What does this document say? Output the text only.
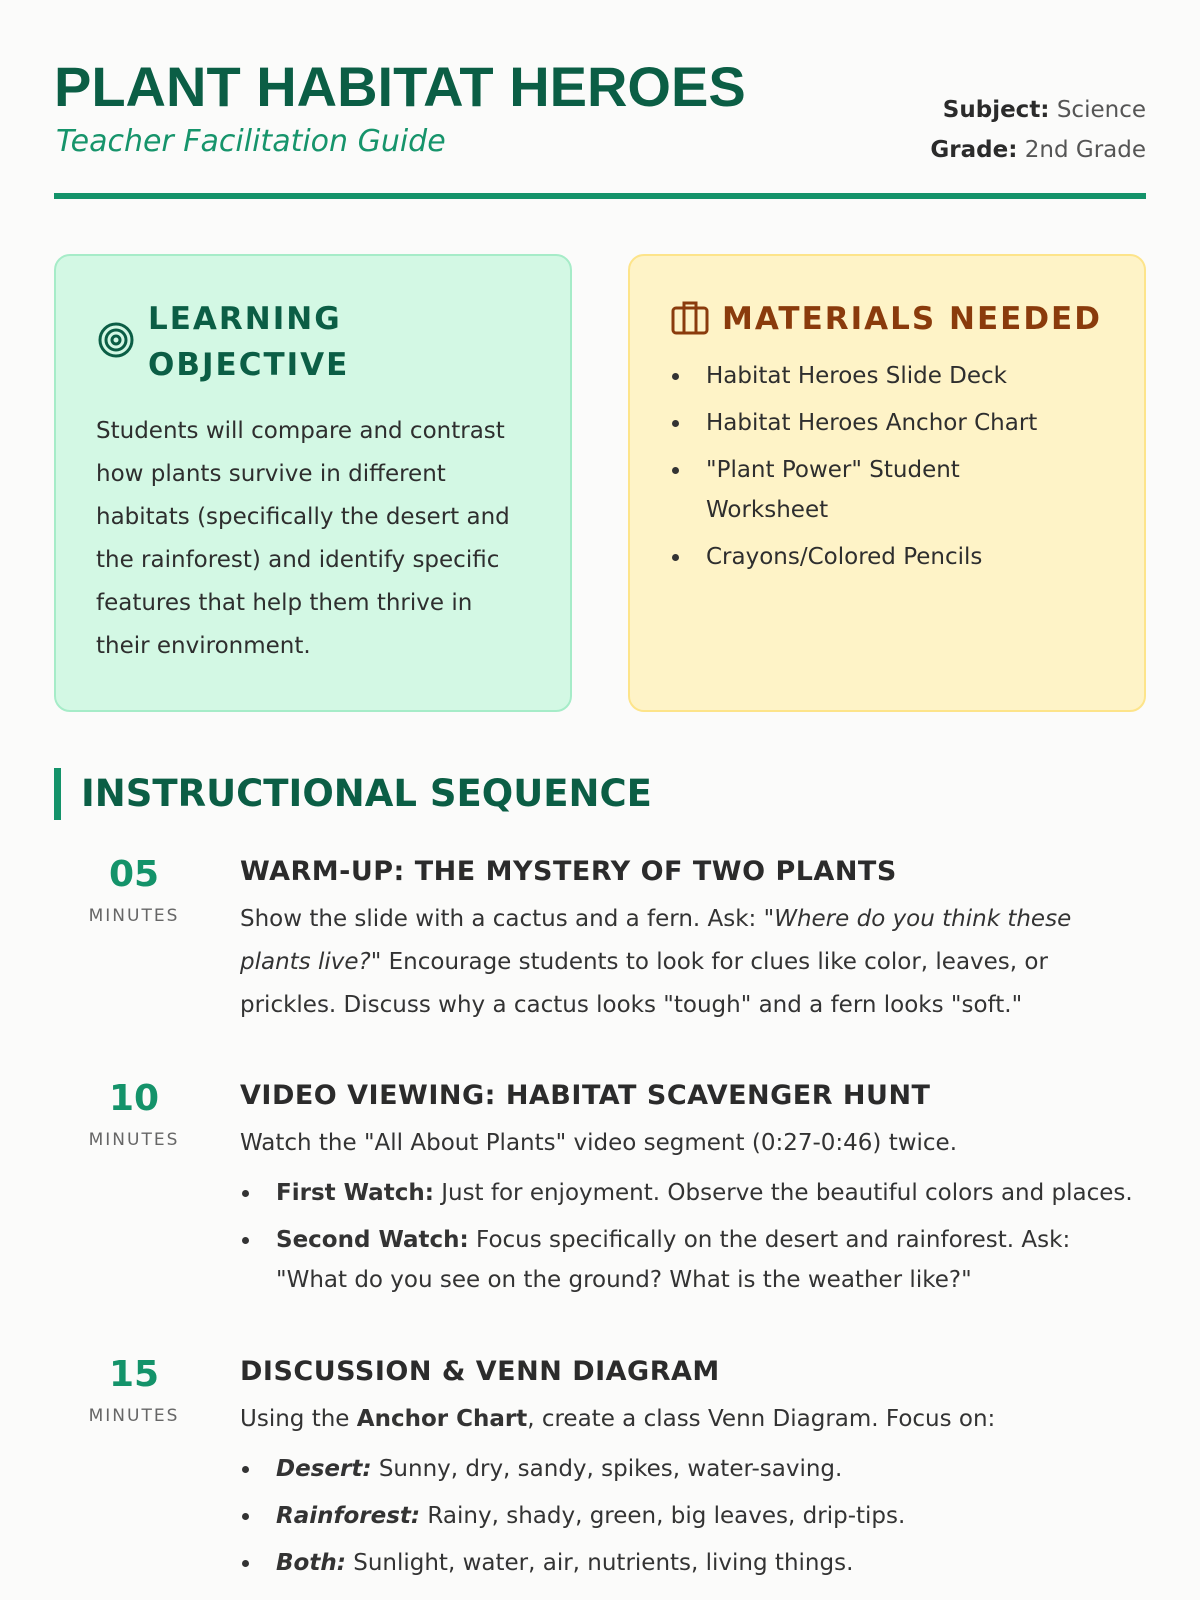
PLANT HABITAT HEROES
Teacher Facilitation Guide
Subject: Science
Grade: 2nd Grade
LEARNING
OBJECTIVE

Students will compare and contrast how plants survive in different habitats (specifically the desert and the rainforest) and identify specific features that help them thrive in their environment.

MATERIALS NEEDED
Habitat Heroes Slide Deck
Habitat Heroes Anchor Chart
"Plant Power" Student Worksheet
Crayons/Colored Pencils
INSTRUCTIONAL SEQUENCE
05
MINUTES
WARM-UP: THE MYSTERY OF TWO PLANTS

Show the slide with a cactus and a fern. Ask: "Where do you think these plants live?" Encourage students to look for clues like color, leaves, or prickles. Discuss why a cactus looks "tough" and a fern looks "soft."

10
MINUTES
VIDEO VIEWING: HABITAT SCAVENGER HUNT

Watch the "All About Plants" video segment (0:27-0:46) twice.

First Watch: Just for enjoyment. Observe the beautiful colors and places.
Second Watch: Focus specifically on the desert and rainforest. Ask: "What do you see on the ground? What is the weather like?"
15
MINUTES
DISCUSSION & VENN DIAGRAM

Using the Anchor Chart, create a class Venn Diagram. Focus on:

Desert: Sunny, dry, sandy, spikes, water-saving.
Rainforest: Rainy, shady, green, big leaves, drip-tips.
Both: Sunlight, water, air, nutrients, living things.
